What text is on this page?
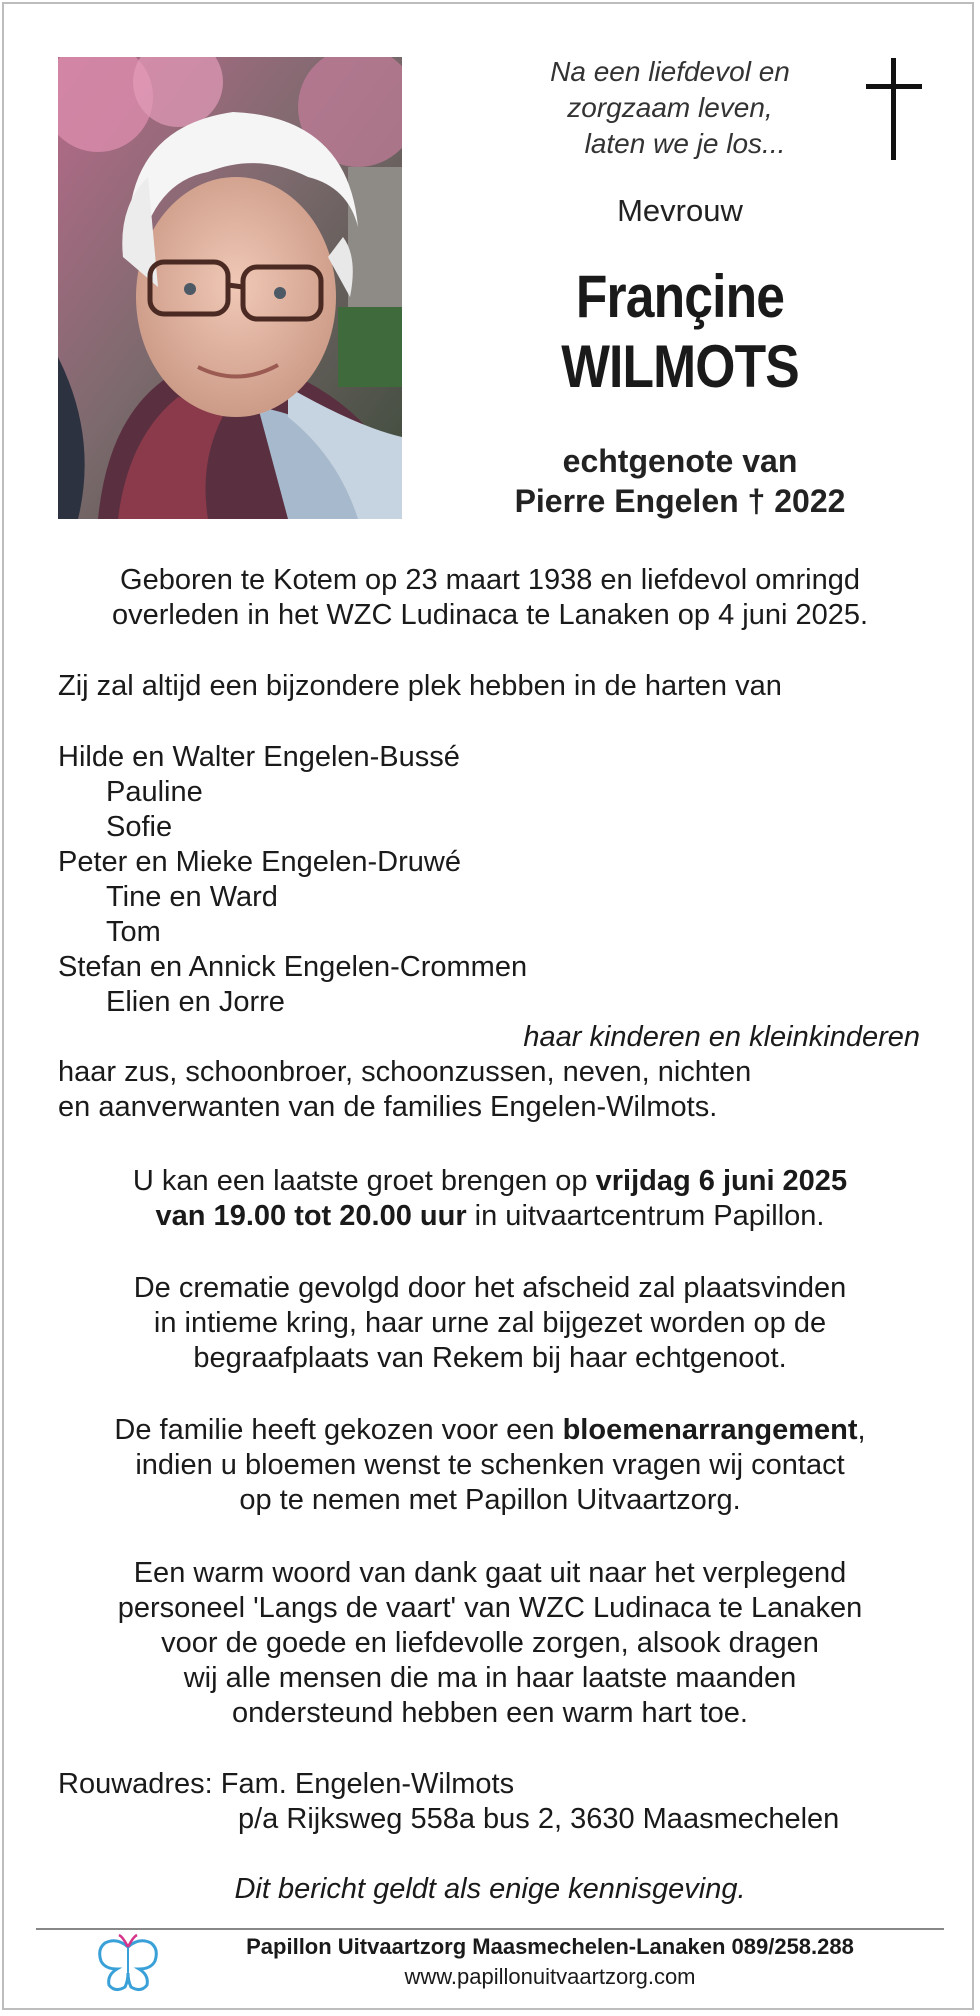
Na een liefdevol en
zorgzaam leven,
laten we je los...
Mevrouw
Françine
WILMOTS
echtgenote van
Pierre Engelen † 2022
Geboren te Kotem op 23 maart 1938 en liefdevol omringd
overleden in het WZC Ludinaca te Lanaken op 4 juni 2025.
Zij zal altijd een bijzondere plek hebben in de harten van
Hilde en Walter Engelen-Bussé
Pauline
Sofie
Peter en Mieke Engelen-Druwé
Tine en Ward
Tom
Stefan en Annick Engelen-Crommen
Elien en Jorre
haar kinderen en kleinkinderen
haar zus, schoonbroer, schoonzussen, neven, nichten
en aanverwanten van de families Engelen-Wilmots.
U kan een laatste groet brengen op vrijdag 6 juni 2025
van 19.00 tot 20.00 uur in uitvaartcentrum Papillon.
De crematie gevolgd door het afscheid zal plaatsvinden
in intieme kring, haar urne zal bijgezet worden op de
begraafplaats van Rekem bij haar echtgenoot.
De familie heeft gekozen voor een bloemenarrangement,
indien u bloemen wenst te schenken vragen wij contact
op te nemen met Papillon Uitvaartzorg.
Een warm woord van dank gaat uit naar het verplegend
personeel 'Langs de vaart' van WZC Ludinaca te Lanaken
voor de goede en liefdevolle zorgen, alsook dragen
wij alle mensen die ma in haar laatste maanden
ondersteund hebben een warm hart toe.
Rouwadres: Fam. Engelen-Wilmots
p/a Rijksweg 558a bus 2, 3630 Maasmechelen
Dit bericht geldt als enige kennisgeving.
Papillon Uitvaartzorg Maasmechelen-Lanaken 089/258.288
www.papillonuitvaartzorg.com
